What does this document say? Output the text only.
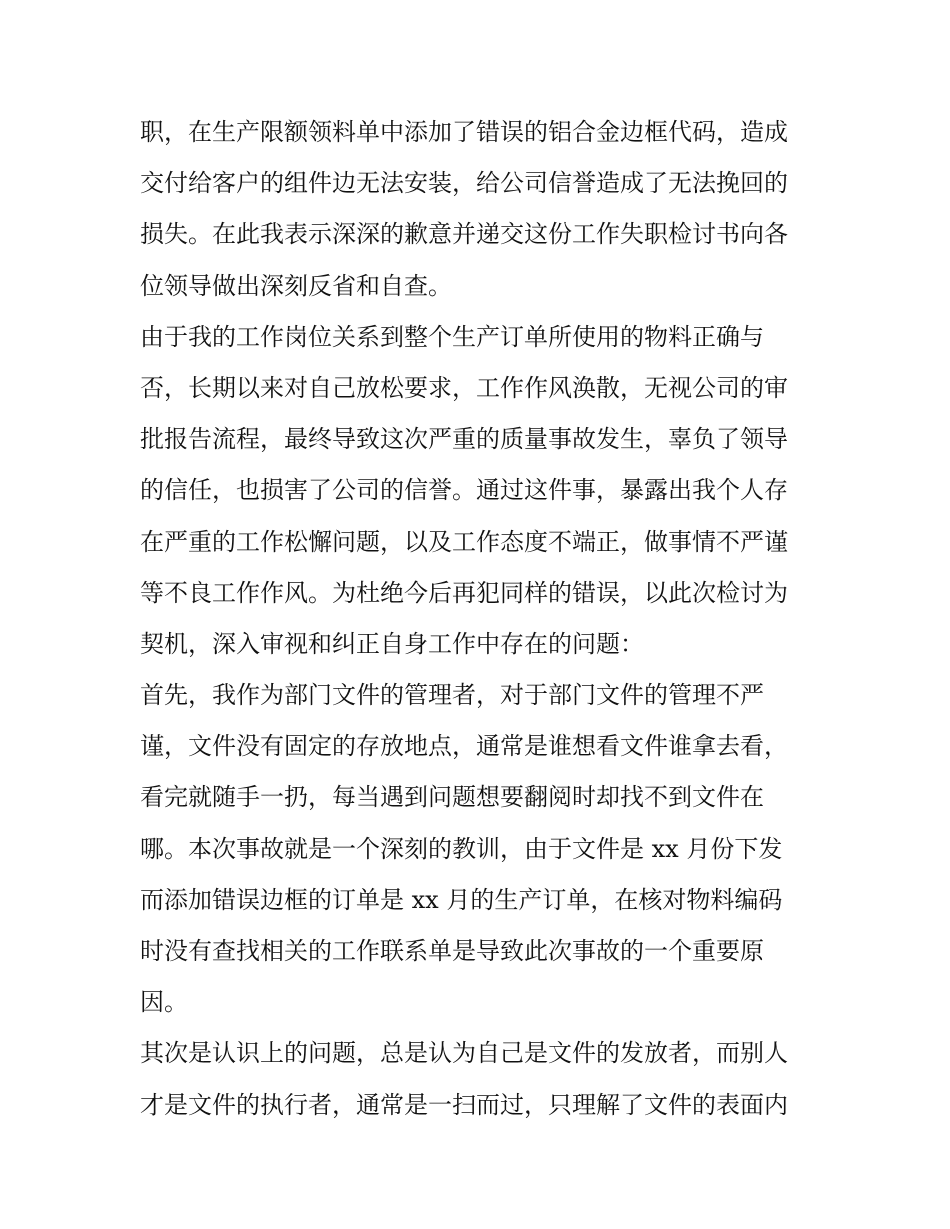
职，在生产限额领料单中添加了错误的铝合金边框代码，造成
交付给客户的组件边无法安装，给公司信誉造成了无法挽回的
损失。在此我表示深深的歉意并递交这份工作失职检讨书向各
位领导做出深刻反省和自查。
由于我的工作岗位关系到整个生产订单所使用的物料正确与
否，长期以来对自己放松要求，工作作风涣散，无视公司的审
批报告流程，最终导致这次严重的质量事故发生，辜负了领导
的信任，也损害了公司的信誉。通过这件事，暴露出我个人存
在严重的工作松懈问题，以及工作态度不端正，做事情不严谨
等不良工作作风。为杜绝今后再犯同样的错误，以此次检讨为
契机，深入审视和纠正自身工作中存在的问题：
首先，我作为部门文件的管理者，对于部门文件的管理不严
谨，文件没有固定的存放地点，通常是谁想看文件谁拿去看，
看完就随手一扔，每当遇到问题想要翻阅时却找不到文件在
哪。本次事故就是一个深刻的教训，由于文件是 xx 月份下发
而添加错误边框的订单是 xx 月的生产订单，在核对物料编码
时没有查找相关的工作联系单是导致此次事故的一个重要原
因。
其次是认识上的问题，总是认为自己是文件的发放者，而别人
才是文件的执行者，通常是一扫而过，只理解了文件的表面内
